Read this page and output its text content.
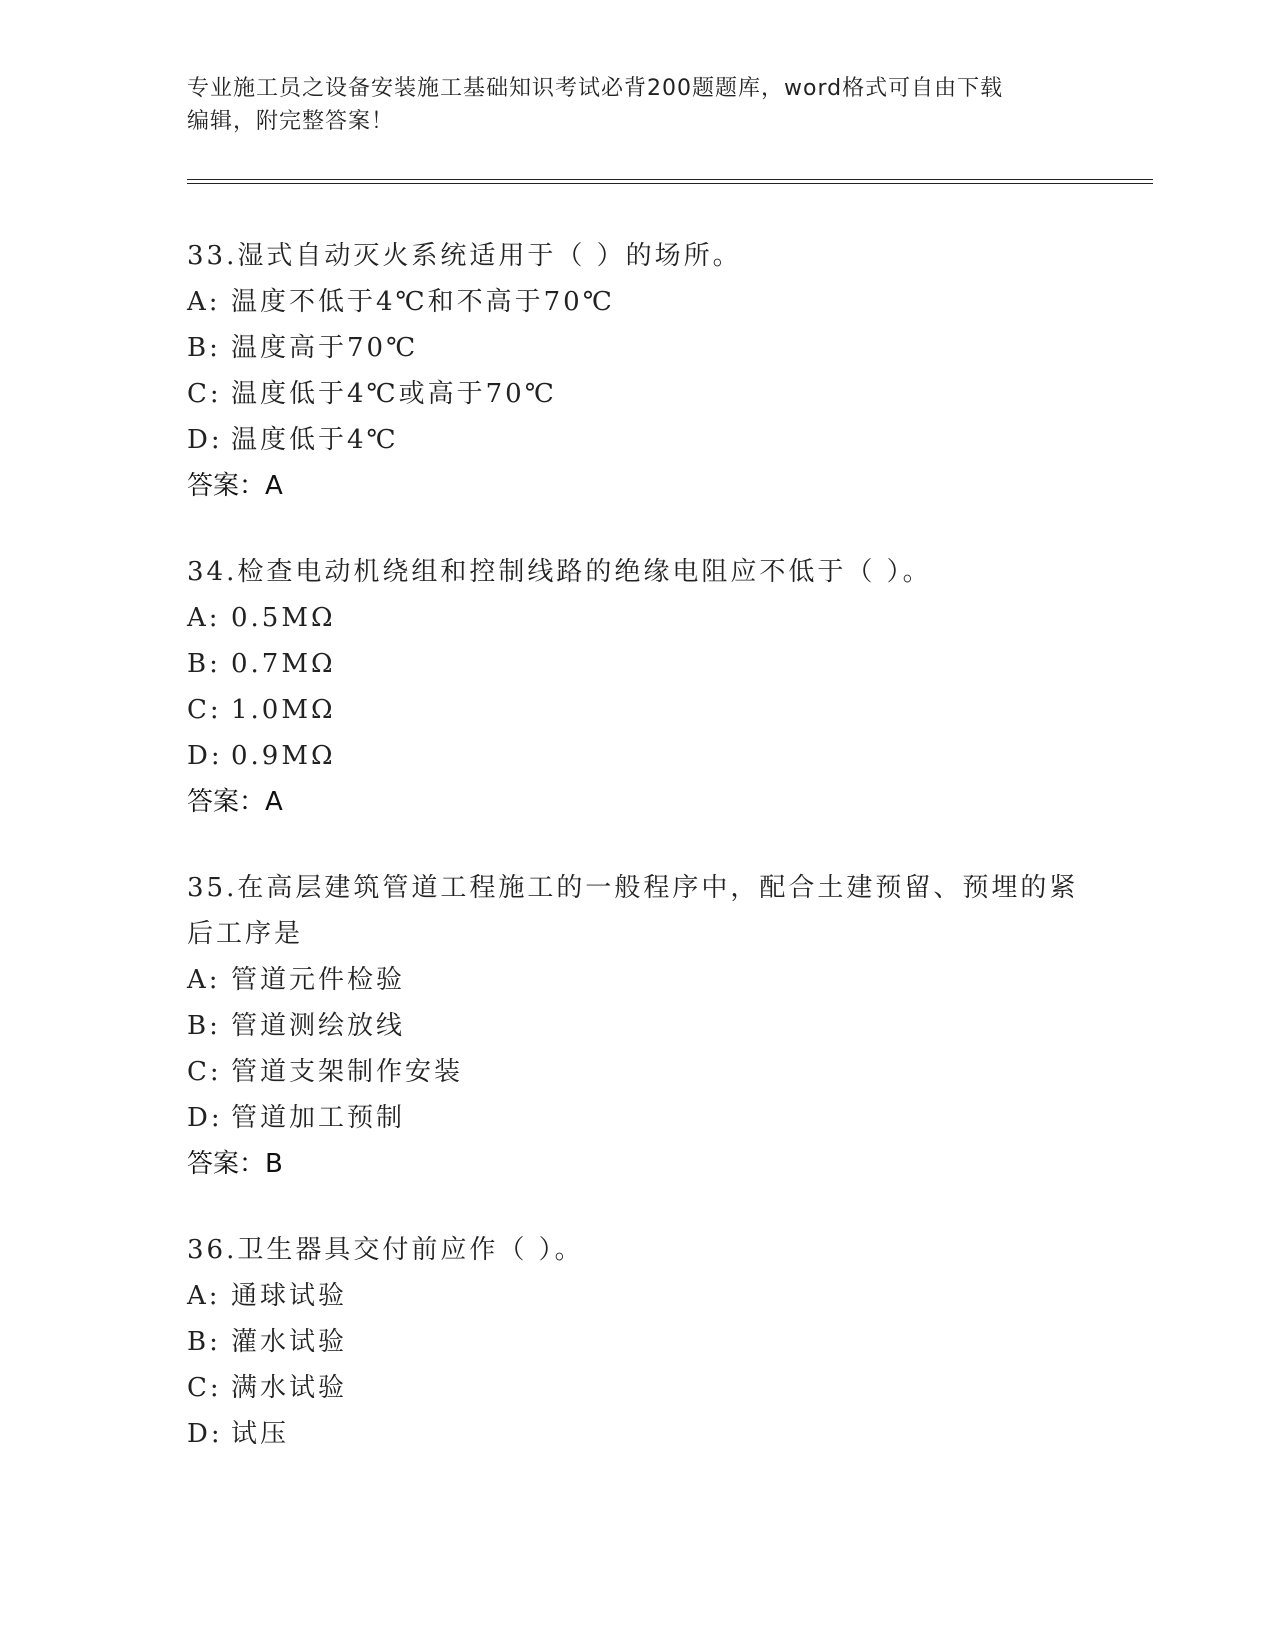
专业施工员之设备安装施工基础知识考试必背200题题库，word格式可自由下载
编辑，附完整答案！
33.湿式自动灭火系统适用于（ ）的场所。
A: 温度不低于4℃和不高于70℃
B: 温度高于70℃
C: 温度低于4℃或高于70℃
D: 温度低于4℃
答案：A
34.检查电动机绕组和控制线路的绝缘电阻应不低于（ ）。
A: 0.5MΩ
B: 0.7MΩ
C: 1.0MΩ
D: 0.9MΩ
答案：A
35.在高层建筑管道工程施工的一般程序中，配合土建预留、预埋的紧后工序是
A: 管道元件检验
B: 管道测绘放线
C: 管道支架制作安装
D: 管道加工预制
答案：B
36.卫生器具交付前应作（ ）。
A: 通球试验
B: 灌水试验
C: 满水试验
D: 试压
